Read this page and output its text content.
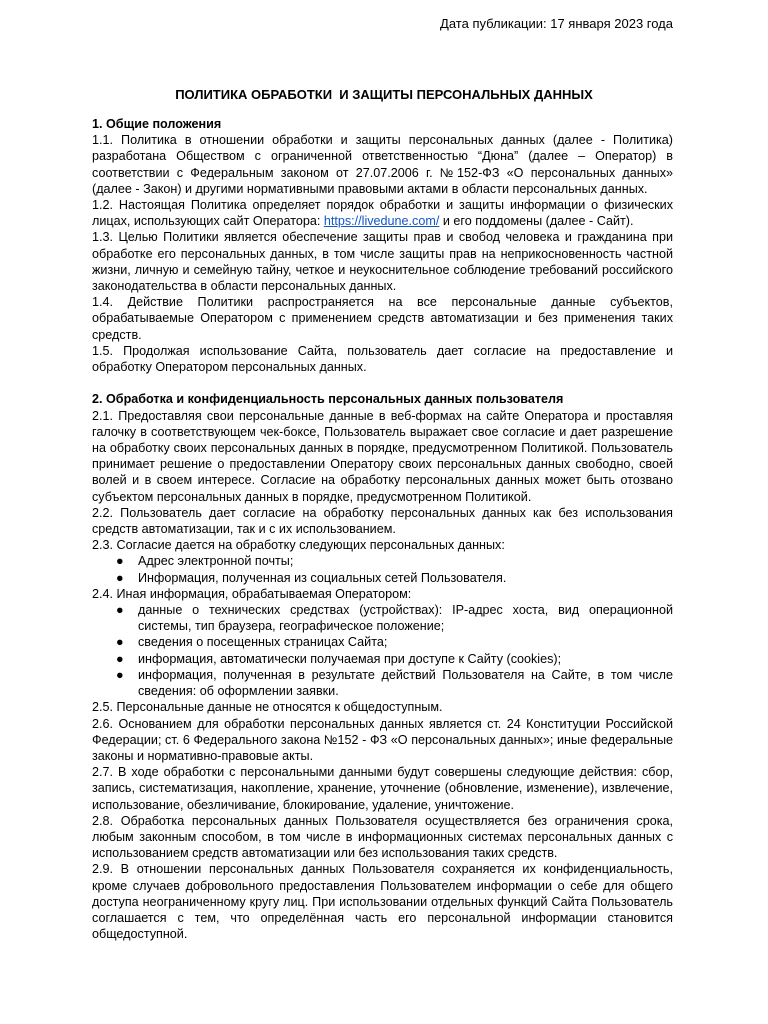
Дата публикации: 17 января 2023 года
ПОЛИТИКА ОБРАБОТКИ  И ЗАЩИТЫ ПЕРСОНАЛЬНЫХ ДАННЫХ

1. Общие положения

1.1. Политика в отношении обработки и защиты персональных данных (далее - Политика) разработана Обществом с ограниченной ответственностью “Дюна” (далее – Оператор) в соответствии с Федеральным законом от 27.07.2006 г. №152-ФЗ «О персональных данных» (далее - Закон) и другими нормативными правовыми актами в области персональных данных.

1.2. Настоящая Политика определяет порядок обработки и защиты информации о физических лицах, использующих сайт Оператора: https://livedune.com/ и его поддомены (далее - Сайт).

1.3. Целью Политики является обеспечение защиты прав и свобод человека и гражданина при обработке его персональных данных, в том числе защиты прав на неприкосновенность частной жизни, личную и семейную тайну, четкое и неукоснительное соблюдение требований российского законодательства в области персональных данных.

1.4. Действие Политики распространяется на все персональные данные субъектов, обрабатываемые Оператором с применением средств автоматизации и без применения таких средств.

1.5. Продолжая использование Сайта, пользователь дает согласие на предоставление и обработку Оператором персональных данных.

2. Обработка и конфиденциальность персональных данных пользователя

2.1. Предоставляя свои персональные данные в веб-формах на сайте Оператора и проставляя галочку в соответствующем чек-боксе, Пользователь выражает свое согласие и дает разрешение на обработку своих персональных данных в порядке, предусмотренном Политикой. Пользователь принимает решение о предоставлении Оператору своих персональных данных свободно, своей волей и в своем интересе. Согласие на обработку персональных данных может быть отозвано субъектом персональных данных в порядке, предусмотренном Политикой.

2.2. Пользователь дает согласие на обработку персональных данных как без использования средств автоматизации, так и с их использованием.

2.3. Согласие дается на обработку следующих персональных данных:

● Адрес электронной почты;
● Информация, полученная из социальных сетей Пользователя.

2.4. Иная информация, обрабатываемая Оператором:

● данные о технических средствах (устройствах): IP-адрес хоста, вид операционной системы, тип браузера, географическое положение;
● сведения о посещенных страницах Сайта;
● информация, автоматически получаемая при доступе к Сайту (cookies);
● информация, полученная в результате действий Пользователя на Сайте, в том числе сведения: об оформлении заявки.

2.5. Персональные данные не относятся к общедоступным.

2.6. Основанием для обработки персональных данных является ст. 24 Конституции Российской Федерации; ст. 6 Федерального закона №152 - ФЗ «О персональных данных»; иные федеральные законы и нормативно-правовые акты.

2.7. В ходе обработки с персональными данными будут совершены следующие действия: сбор, запись, систематизация, накопление, хранение, уточнение (обновление, изменение), извлечение, использование, обезличивание, блокирование, удаление, уничтожение.

2.8. Обработка персональных данных Пользователя осуществляется без ограничения срока, любым законным способом, в том числе в информационных системах персональных данных с использованием средств автоматизации или без использования таких средств.

2.9. В отношении персональных данных Пользователя сохраняется их конфиденциальность, кроме случаев добровольного предоставления Пользователем информации о себе для общего доступа неограниченному кругу лиц. При использовании отдельных функций Сайта Пользователь соглашается с тем, что определённая часть его персональной информации становится общедоступной.
